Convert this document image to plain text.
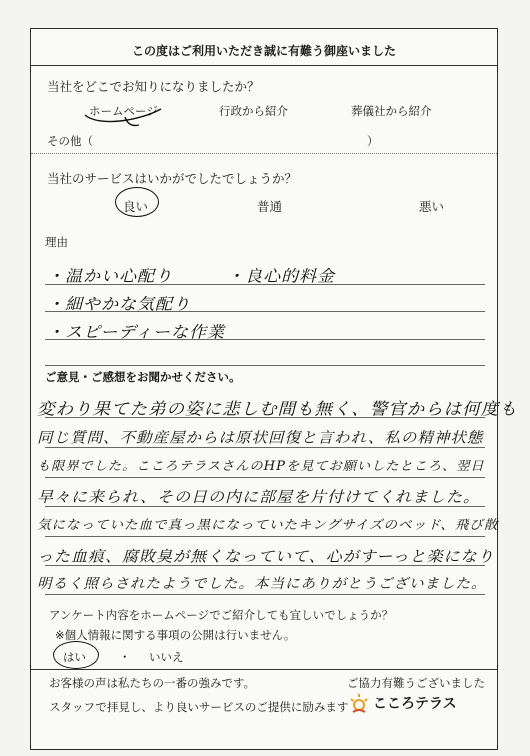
この度はご利用いただき誠に有難う御座いました
当社をどこでお知りになりましたか？
ホームページ	行政から紹介	葬儀社から紹介
その他（	）
当社のサービスはいかがでしたでしょうか？
良い	普通	悪い
理由
・温かい心配り　　　・良心的料金
・細やかな気配り
・スピーディーな作業
ご意見・ご感想をお聞かせください。
変わり果てた弟の姿に悲しむ間も無く、警官からは何度も
同じ質問、不動産屋からは原状回復と言われ、私の精神状態
も限界でした。こころテラスさんのHPを見てお願いしたところ、翌日
早々に来られ、その日の内に部屋を片付けてくれました。
気になっていた血で真っ黒になっていたキングサイズのベッド、飛び散
った血痕、腐敗臭が無くなっていて、心がすーっと楽になり
明るく照らされたようでした。本当にありがとうございました。
アンケート内容をホームページでご紹介しても宜しいでしょうか？
※個人情報に関する事項の公開は行いません。
はい	・ いいえ
お客様の声は私たちの一番の強みです。	ご協力有難うございました
スタッフで拝見し、より良いサービスのご提供に励みます こころテラス
